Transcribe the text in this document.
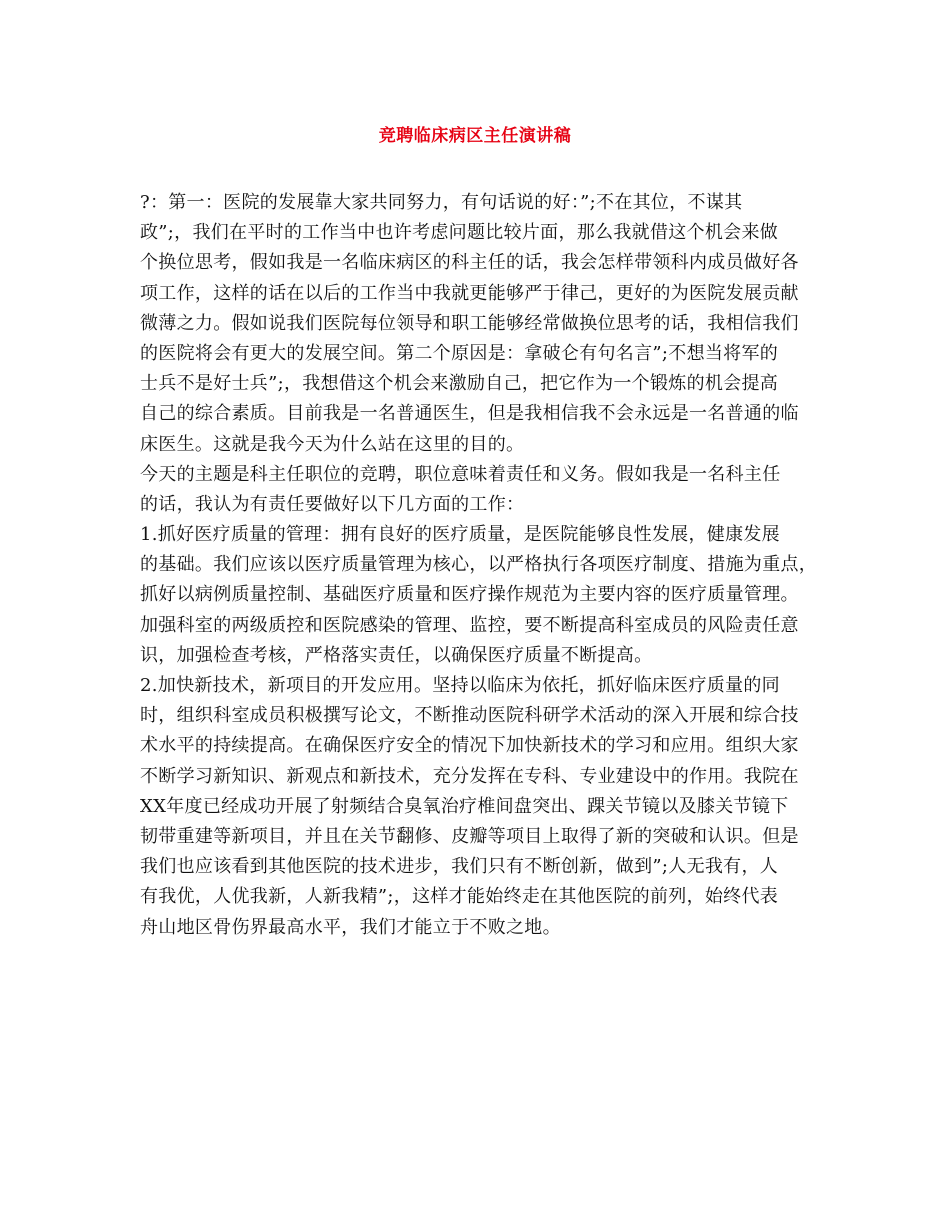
竞聘临床病区主任演讲稿
?：第一：医院的发展靠大家共同努力，有句话说的好：”;不在其位，不谋其
政”;，我们在平时的工作当中也许考虑问题比较片面，那么我就借这个机会来做
个换位思考，假如我是一名临床病区的科主任的话，我会怎样带领科内成员做好各
项工作，这样的话在以后的工作当中我就更能够严于律己，更好的为医院发展贡献
微薄之力。假如说我们医院每位领导和职工能够经常做换位思考的话，我相信我们
的医院将会有更大的发展空间。第二个原因是：拿破仑有句名言”;不想当将军的
士兵不是好士兵”;，我想借这个机会来激励自己，把它作为一个锻炼的机会提高
自己的综合素质。目前我是一名普通医生，但是我相信我不会永远是一名普通的临
床医生。这就是我今天为什么站在这里的目的。
今天的主题是科主任职位的竞聘，职位意味着责任和义务。假如我是一名科主任
的话，我认为有责任要做好以下几方面的工作：
1.抓好医疗质量的管理：拥有良好的医疗质量，是医院能够良性发展，健康发展
的基础。我们应该以医疗质量管理为核心，以严格执行各项医疗制度、措施为重点，
抓好以病例质量控制、基础医疗质量和医疗操作规范为主要内容的医疗质量管理。
加强科室的两级质控和医院感染的管理、监控，要不断提高科室成员的风险责任意
识，加强检查考核，严格落实责任，以确保医疗质量不断提高。
2.加快新技术，新项目的开发应用。坚持以临床为依托，抓好临床医疗质量的同
时，组织科室成员积极撰写论文，不断推动医院科研学术活动的深入开展和综合技
术水平的持续提高。在确保医疗安全的情况下加快新技术的学习和应用。组织大家
不断学习新知识、新观点和新技术，充分发挥在专科、专业建设中的作用。我院在
XX年度已经成功开展了射频结合臭氧治疗椎间盘突出、踝关节镜以及膝关节镜下
韧带重建等新项目，并且在关节翻修、皮瓣等项目上取得了新的突破和认识。但是
我们也应该看到其他医院的技术进步，我们只有不断创新，做到”;人无我有，人
有我优，人优我新，人新我精”;，这样才能始终走在其他医院的前列，始终代表
舟山地区骨伤界最高水平，我们才能立于不败之地。
